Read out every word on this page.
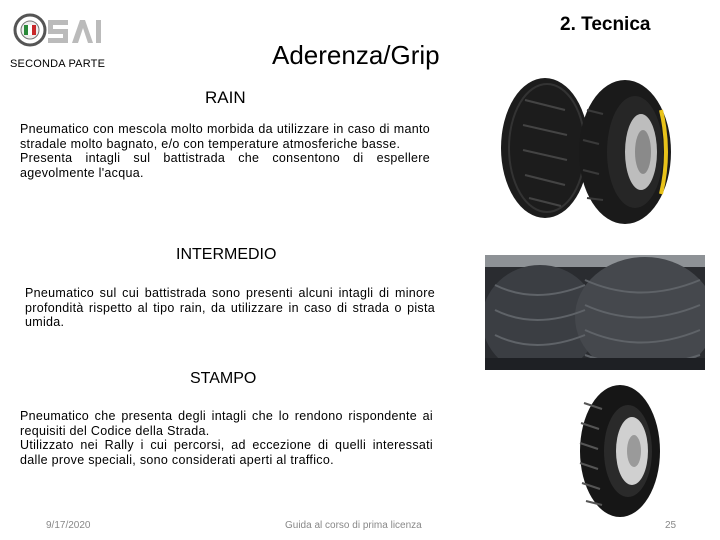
SECONDA PARTE	Aderenza/Grip
2. Tecnica
RAIN
Pneumatico con mescola molto morbida da utilizzare in caso di manto stradale molto bagnato, e/o con temperature atmosferiche basse.
Presenta intagli sul battistrada che consentono di espellere agevolmente l'acqua.
INTERMEDIO
Pneumatico sul cui battistrada sono presenti alcuni intagli di minore profondità rispetto al tipo rain, da utilizzare in caso di strada o pista umida.
STAMPO
Pneumatico che presenta degli intagli che lo rendono rispondente ai requisiti del Codice della Strada.
Utilizzato nei Rally i cui percorsi, ad eccezione di quelli interessati dalle prove speciali, sono considerati aperti al traffico.
9/17/2020	Guida al corso di prima licenza	25
